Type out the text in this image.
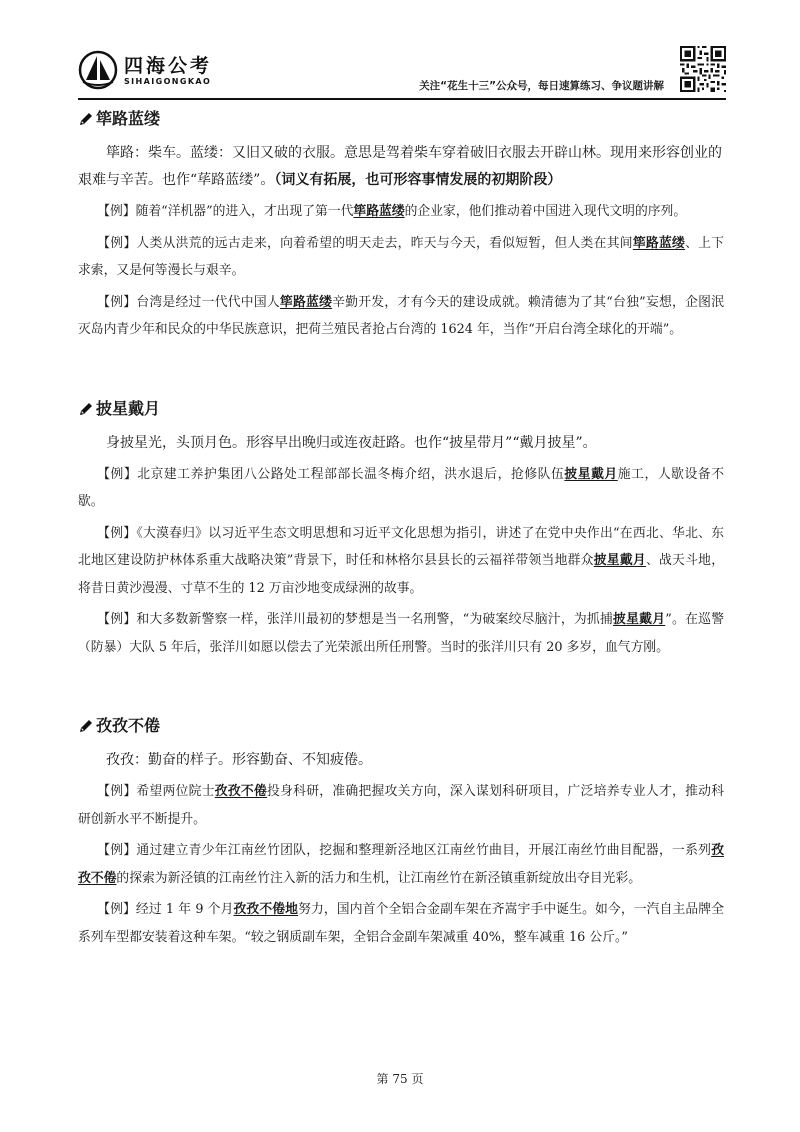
四海公考
SIHAIGONGKAO	关注“花生十三”公众号，每日速算练习、争议题讲解
筚路蓝缕

筚路：柴车。蓝缕：又旧又破的衣服。意思是驾着柴车穿着破旧衣服去开辟山林。现用来形容创业的艰难与辛苦。也作“荜路蓝缕”。（词义有拓展，也可形容事情发展的初期阶段）

【例】随着“洋机器”的进入，才出现了第一代筚路蓝缕的企业家，他们推动着中国进入现代文明的序列。

【例】人类从洪荒的远古走来，向着希望的明天走去，昨天与今天，看似短暂，但人类在其间筚路蓝缕、上下求索，又是何等漫长与艰辛。

【例】台湾是经过一代代中国人筚路蓝缕辛勤开发，才有今天的建设成就。赖清德为了其“台独”妄想，企图泯灭岛内青少年和民众的中华民族意识，把荷兰殖民者抢占台湾的 1624 年，当作“开启台湾全球化的开端”。

披星戴月

身披星光，头顶月色。形容早出晚归或连夜赶路。也作“披星带月”“戴月披星”。

【例】北京建工养护集团八公路处工程部部长温冬梅介绍，洪水退后，抢修队伍披星戴月施工，人歇设备不歇。

【例】《大漠春归》以习近平生态文明思想和习近平文化思想为指引，讲述了在党中央作出“在西北、华北、东北地区建设防护林体系重大战略决策”背景下，时任和林格尔县县长的云福祥带领当地群众披星戴月、战天斗地，将昔日黄沙漫漫、寸草不生的 12 万亩沙地变成绿洲的故事。

【例】和大多数新警察一样，张洋川最初的梦想是当一名刑警，“为破案绞尽脑汁，为抓捕披星戴月”。在巡警（防暴）大队 5 年后，张洋川如愿以偿去了光荣派出所任刑警。当时的张洋川只有 20 多岁，血气方刚。

孜孜不倦

孜孜：勤奋的样子。形容勤奋、不知疲倦。

【例】希望两位院士孜孜不倦投身科研，准确把握攻关方向，深入谋划科研项目，广泛培养专业人才，推动科研创新水平不断提升。

【例】通过建立青少年江南丝竹团队，挖掘和整理新泾地区江南丝竹曲目，开展江南丝竹曲目配器，一系列孜孜不倦的探索为新泾镇的江南丝竹注入新的活力和生机，让江南丝竹在新泾镇重新绽放出夺目光彩。

【例】经过 1 年 9 个月孜孜不倦地努力，国内首个全铝合金副车架在齐嵩宇手中诞生。如今，一汽自主品牌全系列车型都安装着这种车架。“较之钢质副车架，全铝合金副车架减重 40%，整车减重 16 公斤。”

第 75 页
